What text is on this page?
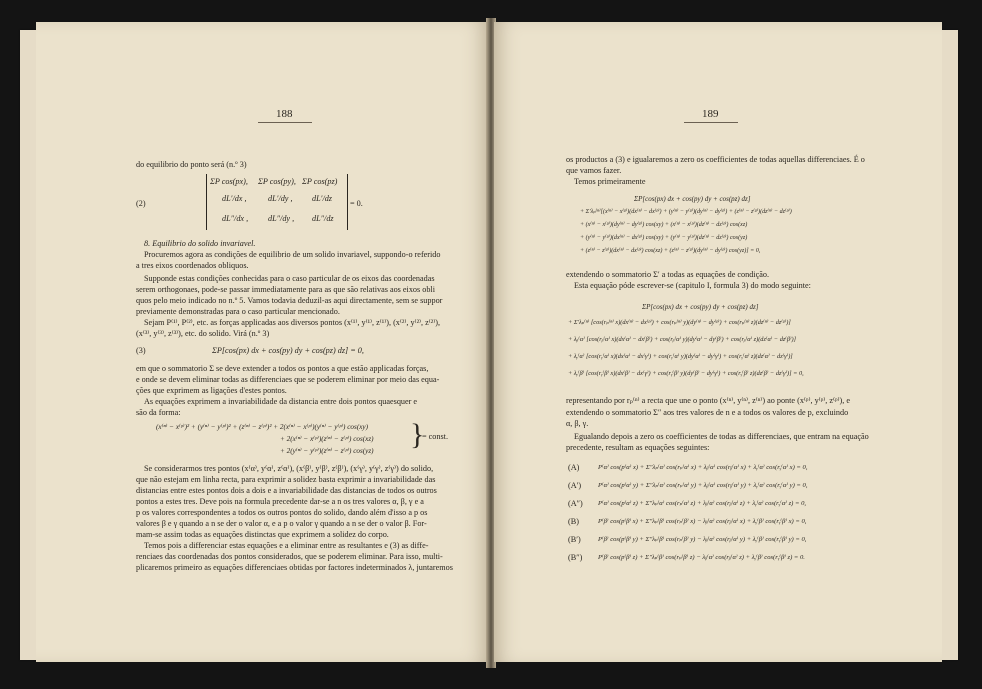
188
do equilibrio do ponto será (n.º 3)
(2)
ΣP cos(px), ΣP cos(py), ΣP cos(pz)
dL′/dx ,	dL′/dy , dL′/dz
dL″/dx , dL″/dy , dL″/dz
= 0.
8. Equilibrio do solido invariavel.
Procuremos agora as condições de equilibrio de um solido invariavel, suppondo-o referido
a tres eixos coordenados obliquos.
Supponde estas condições conhecidas para o caso particular de os eixos das coordenadas
serem orthogonaes, pode-se passar immediatamente para as que são relativas aos eixos obli
quos pelo meio indicado no n.º 5. Vamos todavia deduzil-as aqui directamente, sem se suppor
previamente demonstradas para o caso particular mencionado.
Sejam P⁽¹⁾, P⁽²⁾, etc. as forças applicadas aos diversos pontos (x⁽¹⁾, y⁽¹⁾, z⁽¹⁾), (x⁽²⁾, y⁽²⁾, z⁽²⁾),
(x⁽³⁾, y⁽³⁾, z⁽³⁾), etc. do solido. Virá (n.º 3)
(3)	ΣP[cos(px) dx + cos(py) dy + cos(pz) dz] = 0,
em que o sommatorio Σ se deve extender a todos os pontos a que estão applicadas forças,
e onde se devem eliminar todas as differenciaes que se poderem eliminar por meio das equa-
ções que exprimem as ligações d'estes pontos.
As equações exprimem a invariabilidade da distancia entre dois pontos quaesquer e
são da forma:
(x⁽ⁿ⁾ − x⁽ᵖ⁾)² + (y⁽ⁿ⁾ − y⁽ᵖ⁾)² + (z⁽ⁿ⁾ − z⁽ᵖ⁾)² + 2(x⁽ⁿ⁾ − x⁽ᵖ⁾)(y⁽ⁿ⁾ − y⁽ᵖ⁾) cos(xy)
+ 2(x⁽ⁿ⁾ − x⁽ᵖ⁾)(z⁽ⁿ⁾ − z⁽ᵖ⁾) cos(xz)
+ 2(y⁽ⁿ⁾ − y⁽ᵖ⁾)(z⁽ⁿ⁾ − z⁽ᵖ⁾) cos(yz) }
= const.
Se considerarmos tres pontos (x⁽α⁾, y⁽α⁾, z⁽α⁾), (x⁽β⁾, y⁽β⁾, z⁽β⁾), (x⁽γ⁾, y⁽γ⁾, z⁽γ⁾) do solido,
que não estejam em linha recta, para exprimir a solidez basta exprimir a invariabilidade das
distancias entre estes pontos dois a dois e a invariabilidade das distancias de todos os outros
pontos a estes tres. Deve pois na formula precedente dar-se a n os tres valores α, β, γ e a
p os valores correspondentes a todos os outros pontos do solido, dando além d'isso a p os
valores β e γ quando a n se der o valor α, e a p o valor γ quando a n se der o valor β. For-
mam-se assim todas as equações distinctas que exprimem a solidez do corpo.
Temos pois a differenciar estas equações e a eliminar entre as resultantes e (3) as diffe-
renciaes das coordenadas dos pontos considerados, que se poderem eliminar. Para isso, multi-
plicaremos primeiro as equações differenciaes obtidas por factores indeterminados λ, juntaremos
189
os productos a (3) e igualaremos a zero os coefficientes de todas aquellas differenciaes. É o
que vamos fazer.
Temos primeiramente
ΣP[cos(px) dx + cos(py) dy + cos(pz) dz]
+ Σ′λₚ⁽ⁿ⁾[(x⁽ⁿ⁾ − x⁽ᵖ⁾)(dx⁽ⁿ⁾ − dx⁽ᵖ⁾) + (y⁽ⁿ⁾ − y⁽ᵖ⁾)(dy⁽ⁿ⁾ − dy⁽ᵖ⁾) + (z⁽ⁿ⁾ − z⁽ᵖ⁾)(dz⁽ⁿ⁾ − dz⁽ᵖ⁾)
+ (x⁽ⁿ⁾ − x⁽ᵖ⁾)(dy⁽ⁿ⁾ − dy⁽ᵖ⁾) cos(xy) + (x⁽ⁿ⁾ − x⁽ᵖ⁾)(dz⁽ⁿ⁾ − dz⁽ᵖ⁾) cos(xz)
+ (y⁽ⁿ⁾ − y⁽ᵖ⁾)(dx⁽ⁿ⁾ − dx⁽ᵖ⁾) cos(xy) + (y⁽ⁿ⁾ − y⁽ᵖ⁾)(dz⁽ⁿ⁾ − dz⁽ᵖ⁾) cos(yz)
+ (z⁽ⁿ⁾ − z⁽ᵖ⁾)(dx⁽ⁿ⁾ − dx⁽ᵖ⁾) cos(xz) + (z⁽ⁿ⁾ − z⁽ᵖ⁾)(dy⁽ⁿ⁾ − dy⁽ᵖ⁾) cos(yz)] = 0,
extendendo o sommatorio Σ′ a todas as equações de condição.
Esta equação póde escrever-se (capitulo I, formula 3) do modo seguinte:
ΣP[cos(px) dx + cos(py) dy + cos(pz) dz]
+ Σ′λₚ⁽ⁿ⁾ [cos(rₚ⁽ⁿ⁾ x)(dx⁽ⁿ⁾ − dx⁽ᵖ⁾) + cos(rₚ⁽ⁿ⁾ y)(dy⁽ⁿ⁾ − dy⁽ᵖ⁾) + cos(rₚ⁽ⁿ⁾ z)(dz⁽ⁿ⁾ − dz⁽ᵖ⁾)]
+ λᵦ⁽α⁾ [cos(rᵦ⁽α⁾ x)(dx⁽α⁾ − dx⁽β⁾) + cos(rᵦ⁽α⁾ y)(dy⁽α⁾ − dy⁽β⁾) + cos(rᵦ⁽α⁾ z)(dz⁽α⁾ − dz⁽β⁾)]
+ λᵧ⁽α⁾ [cos(rᵧ⁽α⁾ x)(dx⁽α⁾ − dx⁽γ⁾) + cos(rᵧ⁽α⁾ y)(dy⁽α⁾ − dy⁽γ⁾) + cos(rᵧ⁽α⁾ z)(dz⁽α⁾ − dz⁽γ⁾)]
+ λᵧ⁽β⁾ [cos(rᵧ⁽β⁾ x)(dx⁽β⁾ − dx⁽γ⁾) + cos(rᵧ⁽β⁾ y)(dy⁽β⁾ − dy⁽γ⁾) + cos(rᵧ⁽β⁾ z)(dz⁽β⁾ − dz⁽γ⁾)] = 0,
representando por rₚ⁽ⁿ⁾ a recta que une o ponto (x⁽ⁿ⁾, y⁽ⁿ⁾, z⁽ⁿ⁾) ao ponte (x⁽ᵖ⁾, y⁽ᵖ⁾, z⁽ᵖ⁾), e
extendendo o sommatorio Σ″ aos tres valores de n e a todos os valores de p, excluindo
α, β, γ.
Egualando depois a zero os coefficientes de todas as differenciaes, que entram na equação
precedente, resultam as equações seguintes:
(A)	P⁽α⁾ cos(p⁽α⁾ x) + Σ″λₚ⁽α⁾ cos(rₚ⁽α⁾ x) + λᵦ⁽α⁾ cos(rᵦ⁽α⁾ x) + λᵧ⁽α⁾ cos(rᵧ⁽α⁾ x) = 0,
(A′)	P⁽α⁾ cos(p⁽α⁾ y) + Σ″λₚ⁽α⁾ cos(rₚ⁽α⁾ y) + λᵦ⁽α⁾ cos(rᵦ⁽α⁾ y) + λᵧ⁽α⁾ cos(rᵧ⁽α⁾ y) = 0,
(A″) P⁽α⁾ cos(p⁽α⁾ z) + Σ″λₚ⁽α⁾ cos(rₚ⁽α⁾ z) + λᵦ⁽α⁾ cos(rᵦ⁽α⁾ z) + λᵧ⁽α⁾ cos(rᵧ⁽α⁾ z) = 0,
(B)	P⁽β⁾ cos(p⁽β⁾ x) + Σ″λₚ⁽β⁾ cos(rₚ⁽β⁾ x) − λᵦ⁽α⁾ cos(rᵦ⁽α⁾ x) + λᵧ⁽β⁾ cos(rᵧ⁽β⁾ x) = 0,
(B′)	P⁽β⁾ cos(p⁽β⁾ y) + Σ″λₚ⁽β⁾ cos(rₚ⁽β⁾ y) − λᵦ⁽α⁾ cos(rᵦ⁽α⁾ y) + λᵧ⁽β⁾ cos(rᵧ⁽β⁾ y) = 0,
(B″) P⁽β⁾ cos(p⁽β⁾ z) + Σ″λₚ⁽β⁾ cos(rₚ⁽β⁾ z) − λᵦ⁽α⁾ cos(rᵦ⁽α⁾ z) + λᵧ⁽β⁾ cos(rᵧ⁽β⁾ z) = 0.
